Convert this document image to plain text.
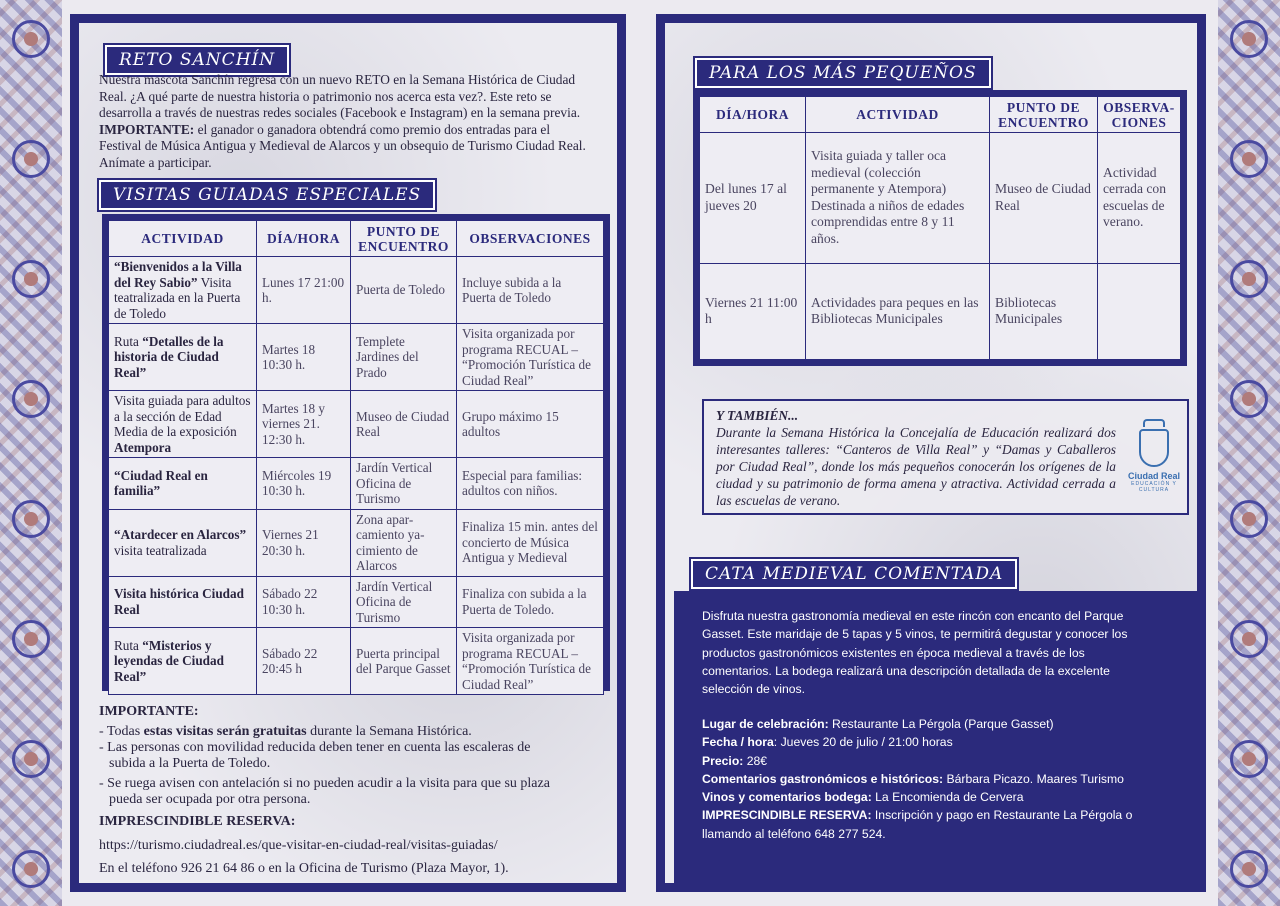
RETO SANCHÍN
Nuestra mascota Sanchín regresa con un nuevo RETO en la Semana Histórica de Ciudad
Real. ¿A qué parte de nuestra historia o patrimonio nos acerca esta vez?. Este reto se
desarrolla a través de nuestras redes sociales (Facebook e Instagram) en la semana previa.
IMPORTANTE: el ganador o ganadora obtendrá como premio dos entradas para el
Festival de Música Antigua y Medieval de Alarcos y un obsequio de Turismo Ciudad Real.
Anímate a participar.
VISITAS GUIADAS ESPECIALES
ACTIVIDAD	DÍA/HORA	PUNTO DE ENCUENTRO	OBSERVACIONES
“Bienvenidos a la Villa del Rey Sabio” Visita teatralizada en la Puerta de Toledo	Lunes 17 21:00 h.	Puerta de Toledo	Incluye subida a la Puerta de Toledo
Ruta “Detalles de la historia de Ciudad Real”	Martes 18 10:30 h.	Templete Jardines del Prado	Visita organizada por programa RECUAL – “Promoción Turística de Ciudad Real”
Visita guiada para adultos a la sección de Edad Media de la exposición Atempora	Martes 18 y viernes 21. 12:30 h.	Museo de Ciudad Real	Grupo máximo 15 adultos
“Ciudad Real en familia”	Miércoles 19 10:30 h.	Jardín Vertical Oficina de Turismo	Especial para familias: adultos con niños.
“Atardecer en Alarcos” visita teatralizada	Viernes 21 20:30 h.	Zona apar-camiento ya-cimiento de Alarcos	Finaliza 15 min. antes del concierto de Música Antigua y Medieval
Visita histórica Ciudad Real	Sábado 22 10:30 h.	Jardín Vertical Oficina de Turismo	Finaliza con subida a la Puerta de Toledo.
Ruta “Misterios y leyendas de Ciudad Real”	Sábado 22 20:45 h	Puerta principal del Parque Gasset	Visita organizada por programa RECUAL – “Promoción Turística de Ciudad Real”
IMPORTANTE:
- Todas estas visitas serán gratuitas durante la Semana Histórica.
- Las personas con movilidad reducida deben tener en cuenta las escaleras de
subida a la Puerta de Toledo.
- Se ruega avisen con antelación si no pueden acudir a la visita para que su plaza
pueda ser ocupada por otra persona.
IMPRESCINDIBLE RESERVA:
https://turismo.ciudadreal.es/que-visitar-en-ciudad-real/visitas-guiadas/
En el teléfono 926 21 64 86 o en la Oficina de Turismo (Plaza Mayor, 1).
PARA LOS MÁS PEQUEÑOS
DÍA/HORA	ACTIVIDAD	PUNTO DE ENCUENTRO	OBSERVA-CIONES
Del lunes 17 al jueves 20	Visita guiada y taller oca medieval (colección permanente y Atempora) Destinada a niños de edades comprendidas entre 8 y 11 años.	Museo de Ciudad Real	Actividad cerrada con escuelas de verano.
Viernes 21 11:00 h	Actividades para peques en las Bibliotecas Municipales	Bibliotecas Municipales	
Y TAMBIÉN...
Durante la Semana Histórica la Concejalía de Educación realizará dos interesantes talleres: “Canteros de Villa Real” y “Damas y Caballeros por Ciudad Real”, donde los más pequeños conocerán los orígenes de la ciudad y su patrimonio de forma amena y atractiva. Actividad cerrada a las escuelas de verano.
Ciudad Real
EDUCACIÓN Y CULTURA

Disfruta nuestra gastronomía medieval en este rincón con encanto del Parque Gasset. Este maridaje de 5 tapas y 5 vinos, te permitirá degustar y conocer los productos gastronómicos existentes en época medieval a través de los comentarios. La bodega realizará una descripción detallada de la excelente selección de vinos.

Lugar de celebración: Restaurante La Pérgola (Parque Gasset)
Fecha / hora: Jueves 20 de julio / 21:00 horas
Precio: 28€
Comentarios gastronómicos e históricos: Bárbara Picazo. Maares Turismo
Vinos y comentarios bodega: La Encomienda de Cervera
IMPRESCINDIBLE RESERVA: Inscripción y pago en Restaurante La Pérgola o llamando al teléfono 648 277 524.

CATA MEDIEVAL COMENTADA
